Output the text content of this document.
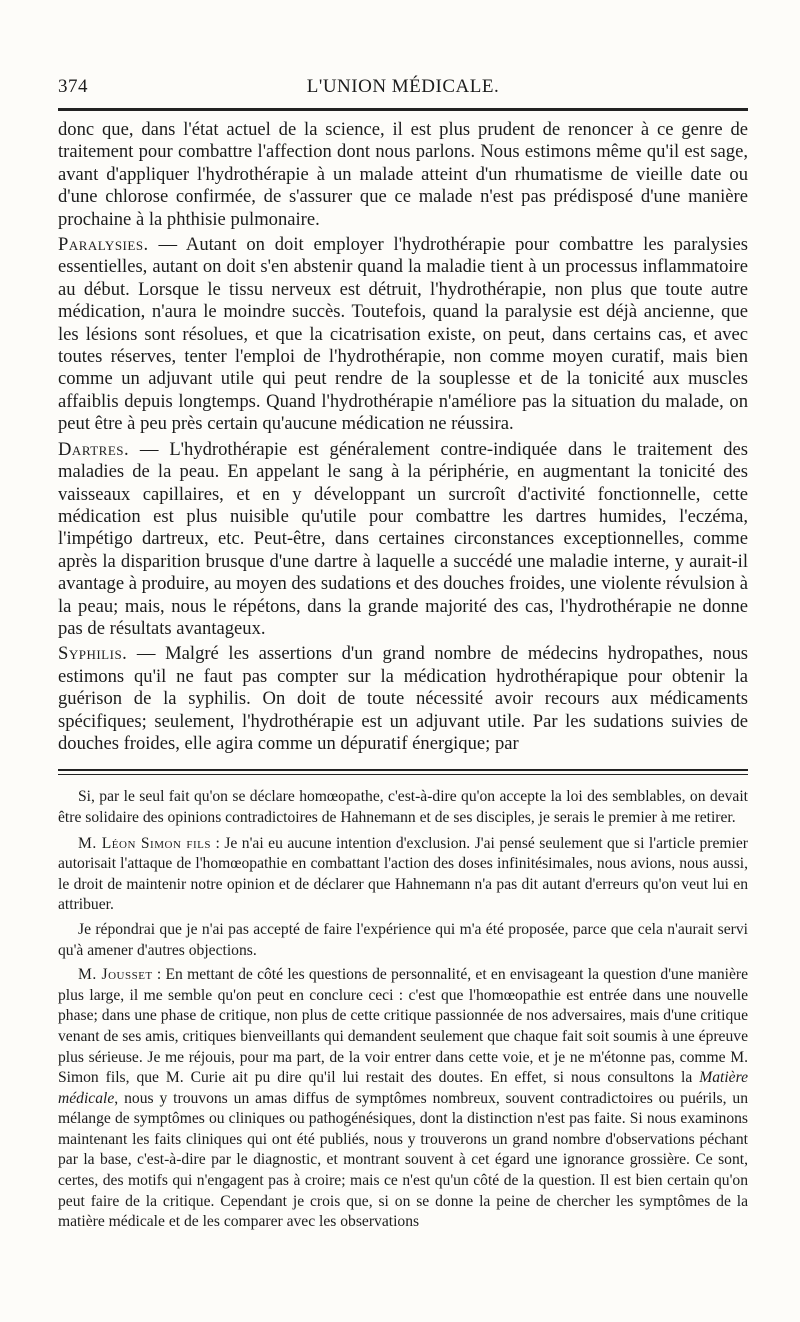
374	L'UNION MÉDICALE.

donc que, dans l'état actuel de la science, il est plus prudent de renoncer à ce genre de traitement pour combattre l'affection dont nous parlons. Nous estimons même qu'il est sage, avant d'appliquer l'hydrothérapie à un malade atteint d'un rhumatisme de vieille date ou d'une chlorose confirmée, de s'assurer que ce malade n'est pas prédisposé d'une manière prochaine à la phthisie pulmonaire.

Paralysies. — Autant on doit employer l'hydrothérapie pour combattre les paralysies essentielles, autant on doit s'en abstenir quand la maladie tient à un processus inflammatoire au début. Lorsque le tissu nerveux est détruit, l'hydrothérapie, non plus que toute autre médication, n'aura le moindre succès. Toutefois, quand la paralysie est déjà ancienne, que les lésions sont résolues, et que la cicatrisation existe, on peut, dans certains cas, et avec toutes réserves, tenter l'emploi de l'hydrothérapie, non comme moyen curatif, mais bien comme un adjuvant utile qui peut rendre de la souplesse et de la tonicité aux muscles affaiblis depuis longtemps. Quand l'hydrothérapie n'améliore pas la situation du malade, on peut être à peu près certain qu'aucune médication ne réussira.

Dartres. — L'hydrothérapie est généralement contre-indiquée dans le traitement des maladies de la peau. En appelant le sang à la périphérie, en augmentant la tonicité des vaisseaux capillaires, et en y développant un surcroît d'activité fonctionnelle, cette médication est plus nuisible qu'utile pour combattre les dartres humides, l'eczéma, l'impétigo dartreux, etc. Peut-être, dans certaines circonstances exceptionnelles, comme après la disparition brusque d'une dartre à laquelle a succédé une maladie interne, y aurait-il avantage à produire, au moyen des sudations et des douches froides, une violente révulsion à la peau; mais, nous le répétons, dans la grande majorité des cas, l'hydrothérapie ne donne pas de résultats avantageux.

Syphilis. — Malgré les assertions d'un grand nombre de médecins hydropathes, nous estimons qu'il ne faut pas compter sur la médication hydrothérapique pour obtenir la guérison de la syphilis. On doit de toute nécessité avoir recours aux médicaments spécifiques; seulement, l'hydrothérapie est un adjuvant utile. Par les sudations suivies de douches froides, elle agira comme un dépuratif énergique; par

Si, par le seul fait qu'on se déclare homœopathe, c'est-à-dire qu'on accepte la loi des semblables, on devait être solidaire des opinions contradictoires de Hahnemann et de ses disciples, je serais le premier à me retirer.

M. Léon Simon fils : Je n'ai eu aucune intention d'exclusion. J'ai pensé seulement que si l'article premier autorisait l'attaque de l'homœopathie en combattant l'action des doses infinitésimales, nous avions, nous aussi, le droit de maintenir notre opinion et de déclarer que Hahnemann n'a pas dit autant d'erreurs qu'on veut lui en attribuer.

Je répondrai que je n'ai pas accepté de faire l'expérience qui m'a été proposée, parce que cela n'aurait servi qu'à amener d'autres objections.

M. Jousset : En mettant de côté les questions de personnalité, et en envisageant la question d'une manière plus large, il me semble qu'on peut en conclure ceci : c'est que l'homœopathie est entrée dans une nouvelle phase; dans une phase de critique, non plus de cette critique passionnée de nos adversaires, mais d'une critique venant de ses amis, critiques bienveillants qui demandent seulement que chaque fait soit soumis à une épreuve plus sérieuse. Je me réjouis, pour ma part, de la voir entrer dans cette voie, et je ne m'étonne pas, comme M. Simon fils, que M. Curie ait pu dire qu'il lui restait des doutes. En effet, si nous consultons la Matière médicale, nous y trouvons un amas diffus de symptômes nombreux, souvent contradictoires ou puérils, un mélange de symptômes ou cliniques ou pathogénésiques, dont la distinction n'est pas faite. Si nous examinons maintenant les faits cliniques qui ont été publiés, nous y trouverons un grand nombre d'observations péchant par la base, c'est-à-dire par le diagnostic, et montrant souvent à cet égard une ignorance grossière. Ce sont, certes, des motifs qui n'engagent pas à croire; mais ce n'est qu'un côté de la question. Il est bien certain qu'on peut faire de la critique. Cependant je crois que, si on se donne la peine de chercher les symptômes de la matière médicale et de les comparer avec les observations
